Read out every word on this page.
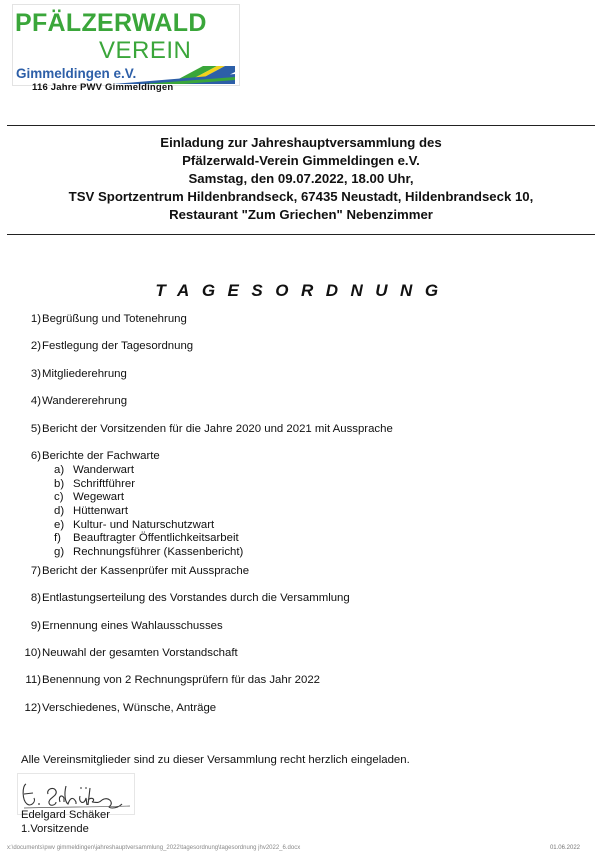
PFÄLZERWALD
VEREIN
Gimmeldingen e.V.
116 Jahre PWV Gimmeldingen
Einladung zur Jahreshauptversammlung des
Pfälzerwald-Verein Gimmeldingen e.V.
Samstag, den 09.07.2022, 18.00 Uhr,
TSV Sportzentrum Hildenbrandseck, 67435 Neustadt, Hildenbrandseck 10,
Restaurant "Zum Griechen" Nebenzimmer
TAGESORDNUNG
1) Begrüßung und Totenehrung
2) Festlegung der Tagesordnung
3) Mitgliederehrung
4) Wandererehrung
5) Bericht der Vorsitzenden für die Jahre 2020 und 2021 mit Aussprache
6) Berichte der Fachwarte
a) Wanderwart
b) Schriftführer
c) Wegewart
d) Hüttenwart
e) Kultur- und Naturschutzwart
f) Beauftragter Öffentlichkeitsarbeit
g) Rechnungsführer (Kassenbericht)
7) Bericht der Kassenprüfer mit Aussprache
8) Entlastungserteilung des Vorstandes durch die Versammlung
9) Ernennung eines Wahlausschusses
10) Neuwahl der gesamten Vorstandschaft
11) Benennung von 2 Rechnungsprüfern für das Jahr 2022
12) Verschiedenes, Wünsche, Anträge
Alle Vereinsmitglieder sind zu dieser Versammlung recht herzlich eingeladen.
Edelgard Schäker
1.Vorsitzende
x:\documents\pwv gimmeldingen\jahreshauptversammlung_2022\tagesordnung\tagesordnung jhv2022_6.docx	01.06.2022
